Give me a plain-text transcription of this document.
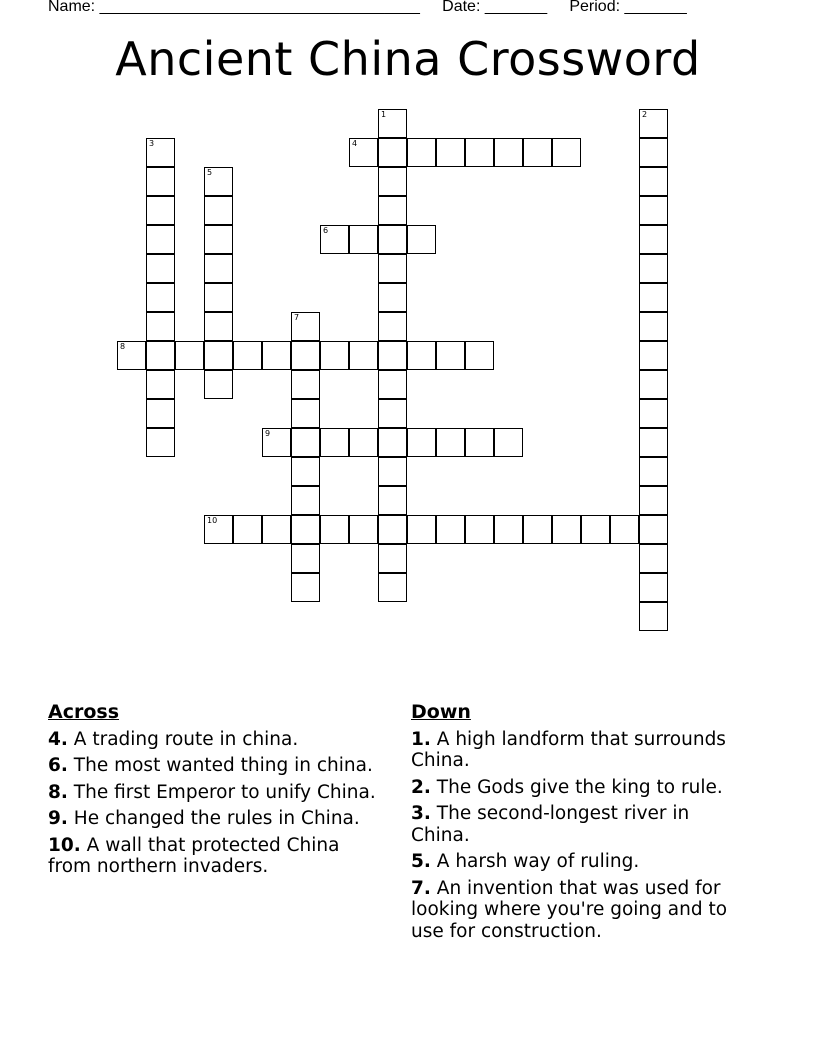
Name: ____________________________________     Date: _______     Period: _______
Ancient China Crossword
1	2
3	4
5
6
7
8
9
10
Across
4. A trading route in china.
6. The most wanted thing in china.
8. The first Emperor to unify China.
9. He changed the rules in China.
10. A wall that protected China from northern invaders.
Down
1. A high landform that surrounds China.
2. The Gods give the king to rule.
3. The second-longest river in China.
5. A harsh way of ruling.
7. An invention that was used for looking where you're going and to use for construction.
